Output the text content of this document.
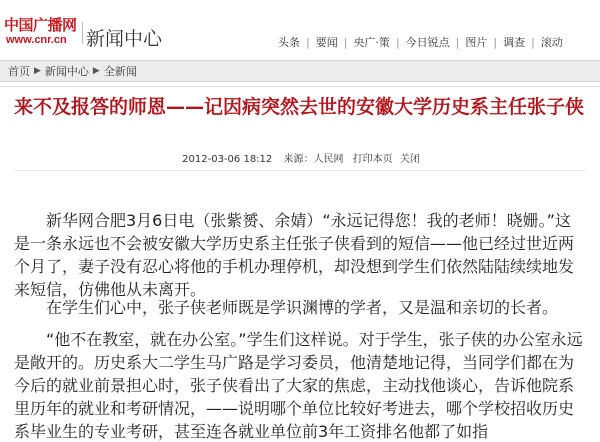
中国广播网
www.cnr.cn 新闻中心	头条 | 要闻 | 央广·策 | 今日锐点 | 图片 | 调查 | 滚动
首页 ▶ 新闻中心 ▶ 全新闻
来不及报答的师恩——记因病突然去世的安徽大学历史系主任张子侠
2012-03-06 18:12 来源：人民网 打印本页 关闭

新华网合肥3月6日电（张紫赟、余婧）“永远记得您！我的老师！晓姗。”这是一条永远也不会被安徽大学历史系主任张子侠看到的短信——他已经过世近两个月了，妻子没有忍心将他的手机办理停机，却没想到学生们依然陆陆续续地发来短信，仿佛他从未离开。

在学生们心中，张子侠老师既是学识渊博的学者，又是温和亲切的长者。

“他不在教室，就在办公室。”学生们这样说。对于学生，张子侠的办公室永远是敞开的。历史系大二学生马广路是学习委员，他清楚地记得，当同学们都在为今后的就业前景担心时，张子侠看出了大家的焦虑，主动找他谈心，告诉他院系里历年的就业和考研情况，——说明哪个单位比较好考进去，哪个学校招收历史系毕业生的专业考研，甚至连各就业单位前3年工资排名他都了如指
